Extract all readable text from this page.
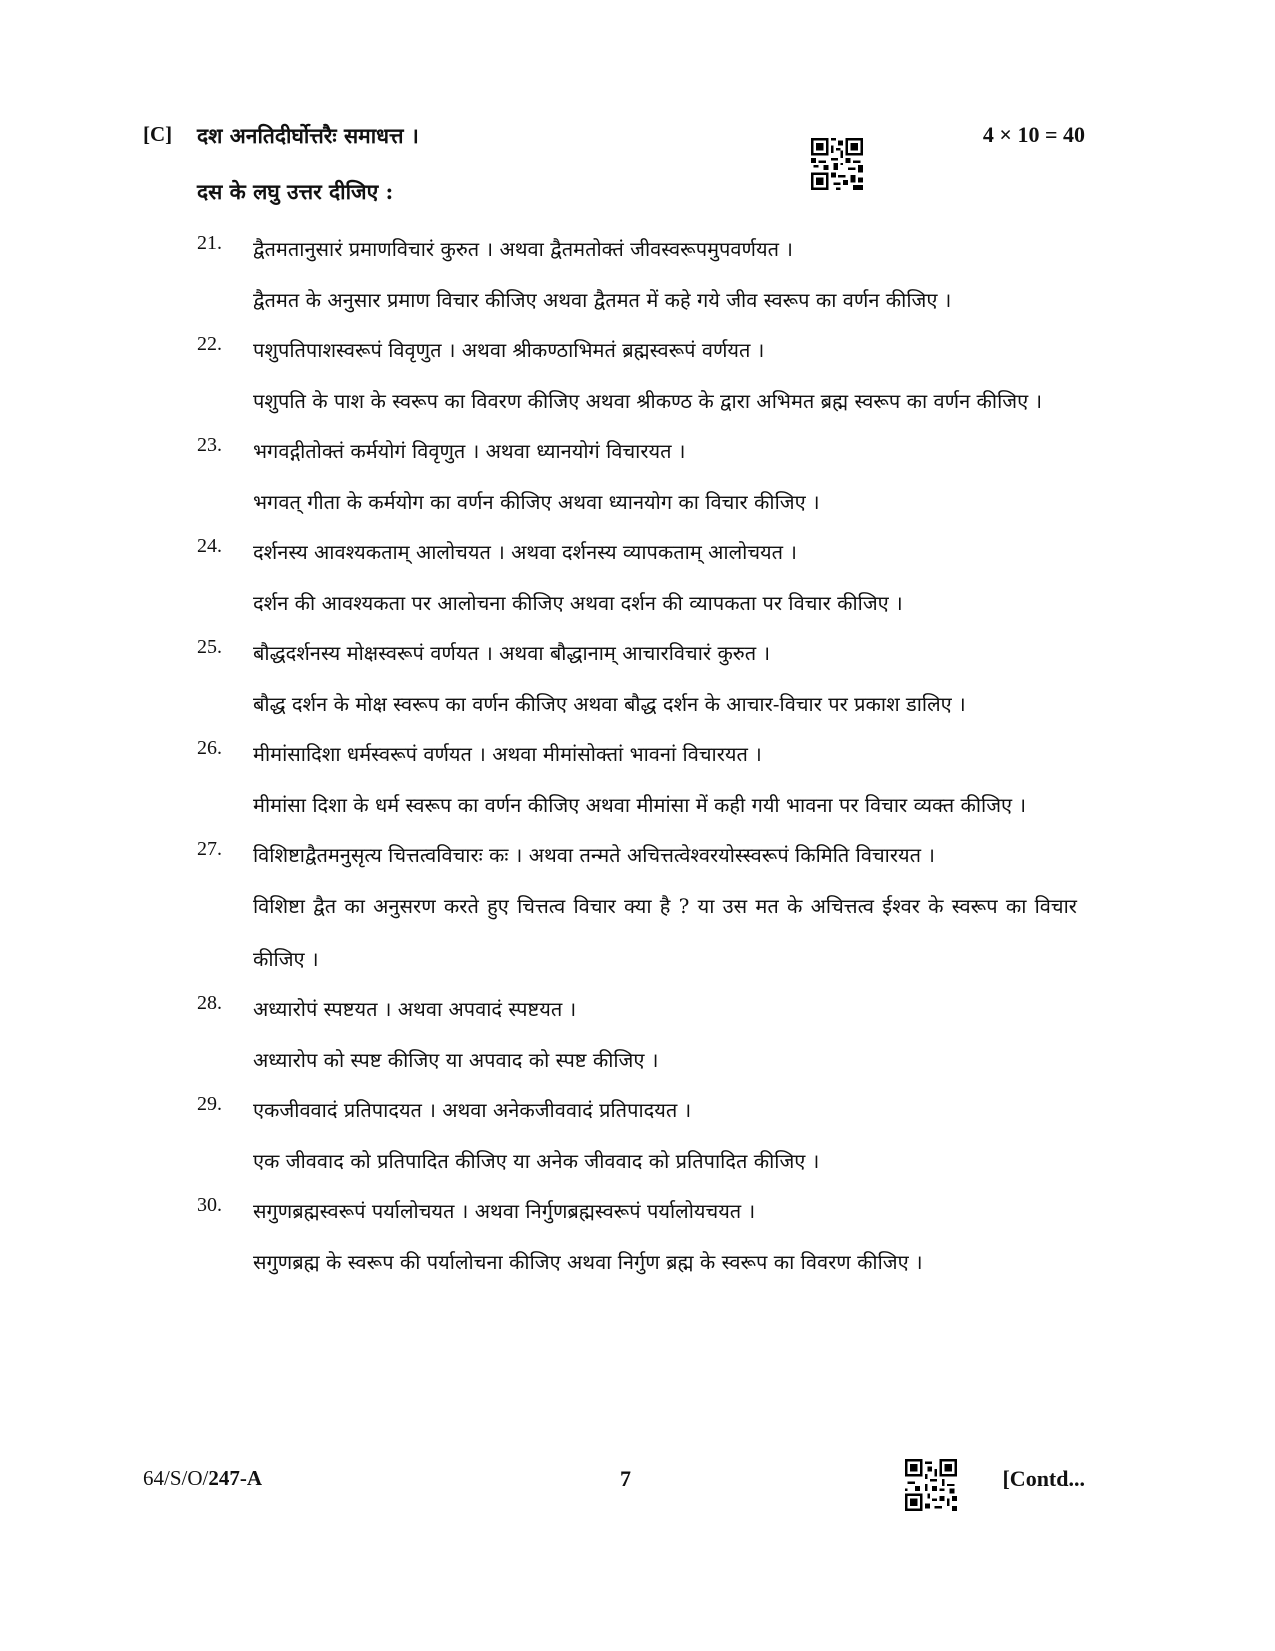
[C] दश अनतिदीर्घोत्तरैः समाधत्त ।	4 × 10 = 40
दस के लघु उत्तर दीजिए :
21.	द्वैतमतानुसारं प्रमाणविचारं कुरुत । अथवा द्वैतमतोक्तं जीवस्वरूपमुपवर्णयत ।
द्वैतमत के अनुसार प्रमाण विचार कीजिए अथवा द्वैतमत में कहे गये जीव स्वरूप का वर्णन कीजिए ।
22.	पशुपतिपाशस्वरूपं विवृणुत । अथवा श्रीकण्ठाभिमतं ब्रह्मस्वरूपं वर्णयत ।
पशुपति के पाश के स्वरूप का विवरण कीजिए अथवा श्रीकण्ठ के द्वारा अभिमत ब्रह्म स्वरूप का वर्णन कीजिए ।
23.	भगवद्गीतोक्तं कर्मयोगं विवृणुत । अथवा ध्यानयोगं विचारयत ।
भगवत् गीता के कर्मयोग का वर्णन कीजिए अथवा ध्यानयोग का विचार कीजिए ।
24.	दर्शनस्य आवश्यकताम् आलोचयत । अथवा दर्शनस्य व्यापकताम् आलोचयत ।
दर्शन की आवश्यकता पर आलोचना कीजिए अथवा दर्शन की व्यापकता पर विचार कीजिए ।
25.	बौद्धदर्शनस्य मोक्षस्वरूपं वर्णयत । अथवा बौद्धानाम् आचारविचारं कुरुत ।
बौद्ध दर्शन के मोक्ष स्वरूप का वर्णन कीजिए अथवा बौद्ध दर्शन के आचार-विचार पर प्रकाश डालिए ।
26.	मीमांसादिशा धर्मस्वरूपं वर्णयत । अथवा मीमांसोक्तां भावनां विचारयत ।
मीमांसा दिशा के धर्म स्वरूप का वर्णन कीजिए अथवा मीमांसा में कही गयी भावना पर विचार व्यक्त कीजिए ।
27.	विशिष्टाद्वैतमनुसृत्य चित्तत्वविचारः कः । अथवा तन्मते अचित्तत्वेश्वरयोस्स्वरूपं किमिति विचारयत ।
विशिष्टा द्वैत का अनुसरण करते हुए चित्तत्व विचार क्या है ? या उस मत के अचित्तत्व ईश्वर के स्वरूप का विचार कीजिए ।
28.	अध्यारोपं स्पष्टयत । अथवा अपवादं स्पष्टयत ।
अध्यारोप को स्पष्ट कीजिए या अपवाद को स्पष्ट कीजिए ।
29.	एकजीववादं प्रतिपादयत । अथवा अनेकजीववादं प्रतिपादयत ।
एक जीववाद को प्रतिपादित कीजिए या अनेक जीववाद को प्रतिपादित कीजिए ।
30.	सगुणब्रह्मस्वरूपं पर्यालोचयत । अथवा निर्गुणब्रह्मस्वरूपं पर्यालोयचयत ।
सगुणब्रह्म के स्वरूप की पर्यालोचना कीजिए अथवा निर्गुण ब्रह्म के स्वरूप का विवरण कीजिए ।
64/S/O/247-A	7	[Contd...
